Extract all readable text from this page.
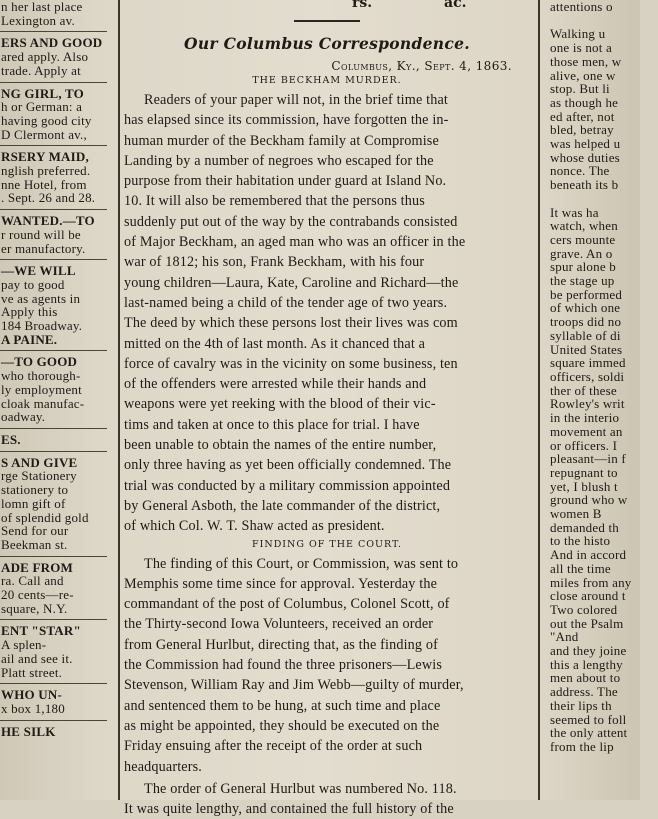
n her last place
Lexington av.
ERS AND GOOD
ared apply. Also
trade. Apply at
NG GIRL, TO
h or German: a
having good city
D Clermont av.,
RSERY MAID,
nglish preferred.
nne Hotel, from
. Sept. 26 and 28.
WANTED.—TO
r round will be
er manufactory.
—WE WILL
pay to good
ve as agents in
Apply this
184 Broadway.
A PAINE.
—TO GOOD
who thorough-
ly employment
cloak manufac-
oadway.
ES.
S AND GIVE
rge Stationery
stationery to
lomn gift of
of splendid gold
Send for our
Beekman st.
ADE FROM
ra. Call and
20 cents—re-
square, N.Y.
ENT "STAR"
A splen-
ail and see it.
Platt street.
WHO UN-
x box 1,180
HE SILK
rs.	ac.
Our Columbus Correspondence.
Columbus, Ky., Sept. 4, 1863.
THE BECKHAM MURDER.
Readers of your paper will not, in the brief time that
has elapsed since its commission, have forgotten the in-
human murder of the Beckham family at Compromise
Landing by a number of negroes who escaped for the
purpose from their habitation under guard at Island No.
10. It will also be remembered that the persons thus
suddenly put out of the way by the contrabands consisted
of Major Beckham, an aged man who was an officer in the
war of 1812; his son, Frank Beckham, with his four
young children—Laura, Kate, Caroline and Richard—the
last-named being a child of the tender age of two years.
The deed by which these persons lost their lives was com
mitted on the 4th of last month. As it chanced that a
force of cavalry was in the vicinity on some business, ten
of the offenders were arrested while their hands and
weapons were yet reeking with the blood of their vic-
tims and taken at once to this place for trial. I have
been unable to obtain the names of the entire number,
only three having as yet been officially condemned. The
trial was conducted by a military commission appointed
by General Asboth, the late commander of the district,
of which Col. W. T. Shaw acted as president.
FINDING OF THE COURT.
The finding of this Court, or Commission, was sent to
Memphis some time since for approval. Yesterday the
commandant of the post of Columbus, Colonel Scott, of
the Thirty-second Iowa Volunteers, received an order
from General Hurlbut, directing that, as the finding of
the Commission had found the three prisoners—Lewis
Stevenson, William Ray and Jim Webb—guilty of murder,
and sentenced them to be hung, at such time and place
as might be appointed, they should be executed on the
Friday ensuing after the receipt of the order at such
headquarters.
The order of General Hurlbut was numbered No. 118.
It was quite lengthy, and contained the full history of the
attentions o

Walking u
one is not a
those men, w
alive, one w
stop. But li
as though he
ed after, not
bled, betray
was helped u
whose duties
nonce. The
beneath its b

It was ha
watch, when
cers mounte
grave. An o
spur alone b
the stage up
be performed
of which one
troops did no
syllable of di
United States
square immed
officers, soldi
ther of these
Rowley's writ
in the interio
movement an
or officers. I
pleasant—in f
repugnant to
yet, I blush t
ground who w
women B
demanded th
to the histo
And in accord
all the time
miles from any
close around t
Two colored
out the Psalm
"And
and they joine
this a lengthy
men about to
address. The
their lips th
seemed to foll
the only attent
from the lip
